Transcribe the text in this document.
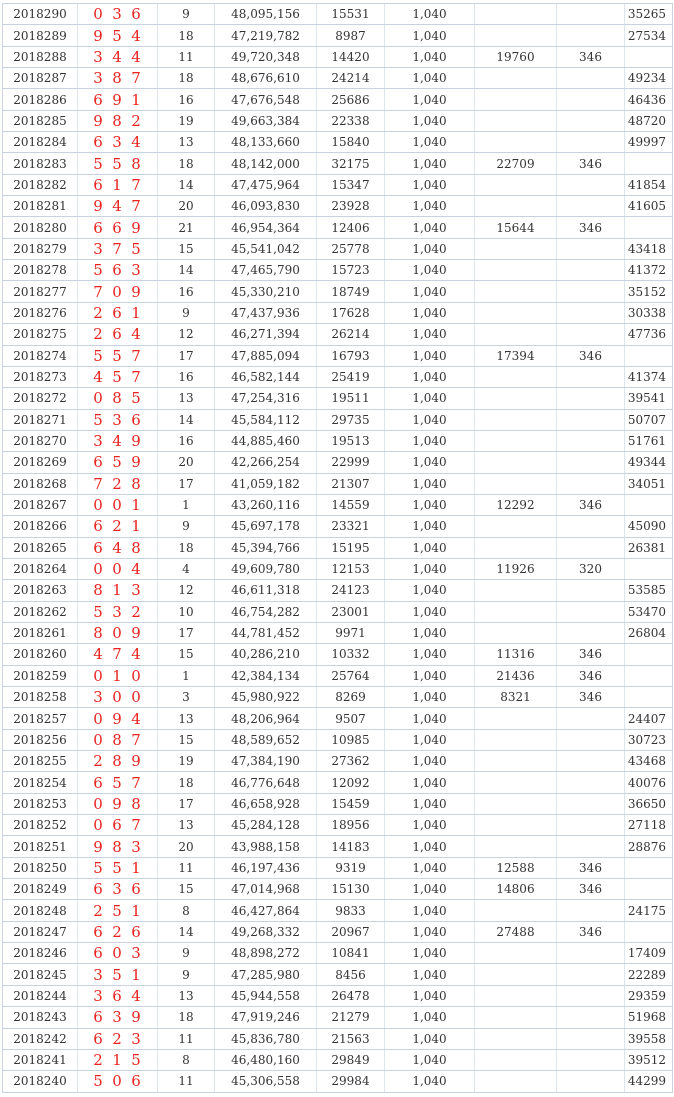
2018290	0 3 6	9	48,095,156	15531	1,040			35265
2018289	9 5 4	18	47,219,782	8987	1,040			27534
2018288	3 4 4	11	49,720,348	14420	1,040	19760	346	
2018287	3 8 7	18	48,676,610	24214	1,040			49234
2018286	6 9 1	16	47,676,548	25686	1,040			46436
2018285	9 8 2	19	49,663,384	22338	1,040			48720
2018284	6 3 4	13	48,133,660	15840	1,040			49997
2018283	5 5 8	18	48,142,000	32175	1,040	22709	346	
2018282	6 1 7	14	47,475,964	15347	1,040			41854
2018281	9 4 7	20	46,093,830	23928	1,040			41605
2018280	6 6 9	21	46,954,364	12406	1,040	15644	346	
2018279	3 7 5	15	45,541,042	25778	1,040			43418
2018278	5 6 3	14	47,465,790	15723	1,040			41372
2018277	7 0 9	16	45,330,210	18749	1,040			35152
2018276	2 6 1	9	47,437,936	17628	1,040			30338
2018275	2 6 4	12	46,271,394	26214	1,040			47736
2018274	5 5 7	17	47,885,094	16793	1,040	17394	346	
2018273	4 5 7	16	46,582,144	25419	1,040			41374
2018272	0 8 5	13	47,254,316	19511	1,040			39541
2018271	5 3 6	14	45,584,112	29735	1,040			50707
2018270	3 4 9	16	44,885,460	19513	1,040			51761
2018269	6 5 9	20	42,266,254	22999	1,040			49344
2018268	7 2 8	17	41,059,182	21307	1,040			34051
2018267	0 0 1	1	43,260,116	14559	1,040	12292	346	
2018266	6 2 1	9	45,697,178	23321	1,040			45090
2018265	6 4 8	18	45,394,766	15195	1,040			26381
2018264	0 0 4	4	49,609,780	12153	1,040	11926	320	
2018263	8 1 3	12	46,611,318	24123	1,040			53585
2018262	5 3 2	10	46,754,282	23001	1,040			53470
2018261	8 0 9	17	44,781,452	9971	1,040			26804
2018260	4 7 4	15	40,286,210	10332	1,040	11316	346	
2018259	0 1 0	1	42,384,134	25764	1,040	21436	346	
2018258	3 0 0	3	45,980,922	8269	1,040	8321	346	
2018257	0 9 4	13	48,206,964	9507	1,040			24407
2018256	0 8 7	15	48,589,652	10985	1,040			30723
2018255	2 8 9	19	47,384,190	27362	1,040			43468
2018254	6 5 7	18	46,776,648	12092	1,040			40076
2018253	0 9 8	17	46,658,928	15459	1,040			36650
2018252	0 6 7	13	45,284,128	18956	1,040			27118
2018251	9 8 3	20	43,988,158	14183	1,040			28876
2018250	5 5 1	11	46,197,436	9319	1,040	12588	346	
2018249	6 3 6	15	47,014,968	15130	1,040	14806	346	
2018248	2 5 1	8	46,427,864	9833	1,040			24175
2018247	6 2 6	14	49,268,332	20967	1,040	27488	346	
2018246	6 0 3	9	48,898,272	10841	1,040			17409
2018245	3 5 1	9	47,285,980	8456	1,040			22289
2018244	3 6 4	13	45,944,558	26478	1,040			29359
2018243	6 3 9	18	47,919,246	21279	1,040			51968
2018242	6 2 3	11	45,836,780	21563	1,040			39558
2018241	2 1 5	8	46,480,160	29849	1,040			39512
2018240	5 0 6	11	45,306,558	29984	1,040			44299
